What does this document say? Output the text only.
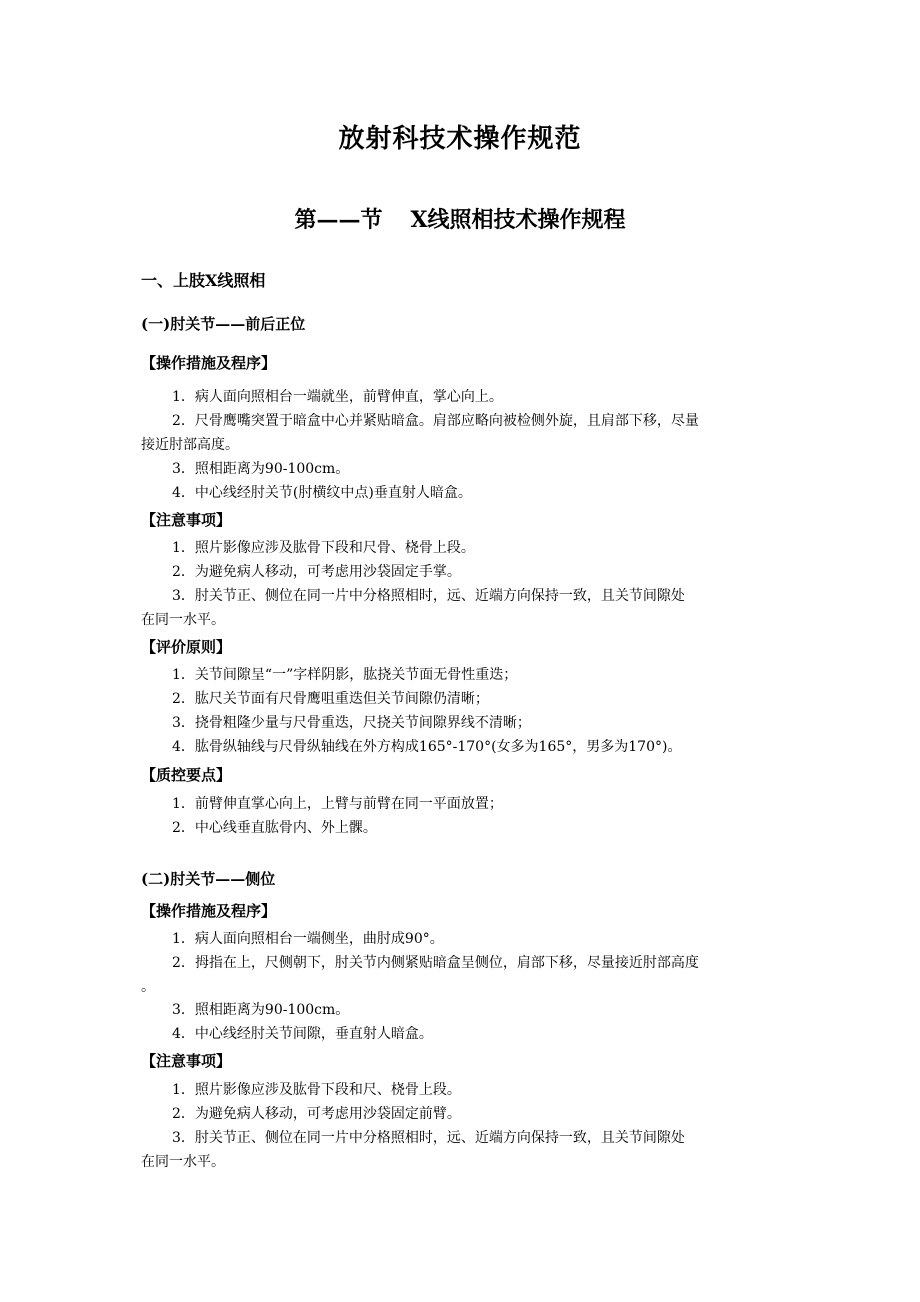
放射科技术操作规范
第——节 X线照相技术操作规程
一、上肢X线照相
(一)肘关节——前后正位
【操作措施及程序】
1．病人面向照相台一端就坐，前臂伸直，掌心向上。
2．尺骨鹰嘴突置于暗盒中心并紧贴暗盒。肩部应略向被检侧外旋，且肩部下移，尽量
接近肘部高度。
3．照相距离为90-100cm。
4．中心线经肘关节(肘横纹中点)垂直射人暗盒。
【注意事项】
1．照片影像应涉及肱骨下段和尺骨、桡骨上段。
2．为避免病人移动，可考虑用沙袋固定手掌。
3．肘关节正、侧位在同一片中分格照相时，远、近端方向保持一致，且关节间隙处
在同一水平。
【评价原则】
1．关节间隙呈“一”字样阴影，肱挠关节面无骨性重迭；
2．肱尺关节面有尺骨鹰咀重迭但关节间隙仍清晰；
3．挠骨粗隆少量与尺骨重迭，尺挠关节间隙界线不清晰；
4．肱骨纵轴线与尺骨纵轴线在外方构成165°-170°(女多为165°，男多为170°)。
【质控要点】
1．前臂伸直掌心向上，上臂与前臂在同一平面放置；
2．中心线垂直肱骨内、外上髁。
(二)肘关节——侧位
【操作措施及程序】
1．病人面向照相台一端侧坐，曲肘成90°。
2．拇指在上，尺侧朝下，肘关节内侧紧贴暗盒呈侧位，肩部下移，尽量接近肘部高度
。
3．照相距离为90-100cm。
4．中心线经肘关节间隙，垂直射人暗盒。
【注意事项】
1．照片影像应涉及肱骨下段和尺、桡骨上段。
2．为避免病人移动，可考虑用沙袋固定前臂。
3．肘关节正、侧位在同一片中分格照相时，远、近端方向保持一致，且关节间隙处
在同一水平。
